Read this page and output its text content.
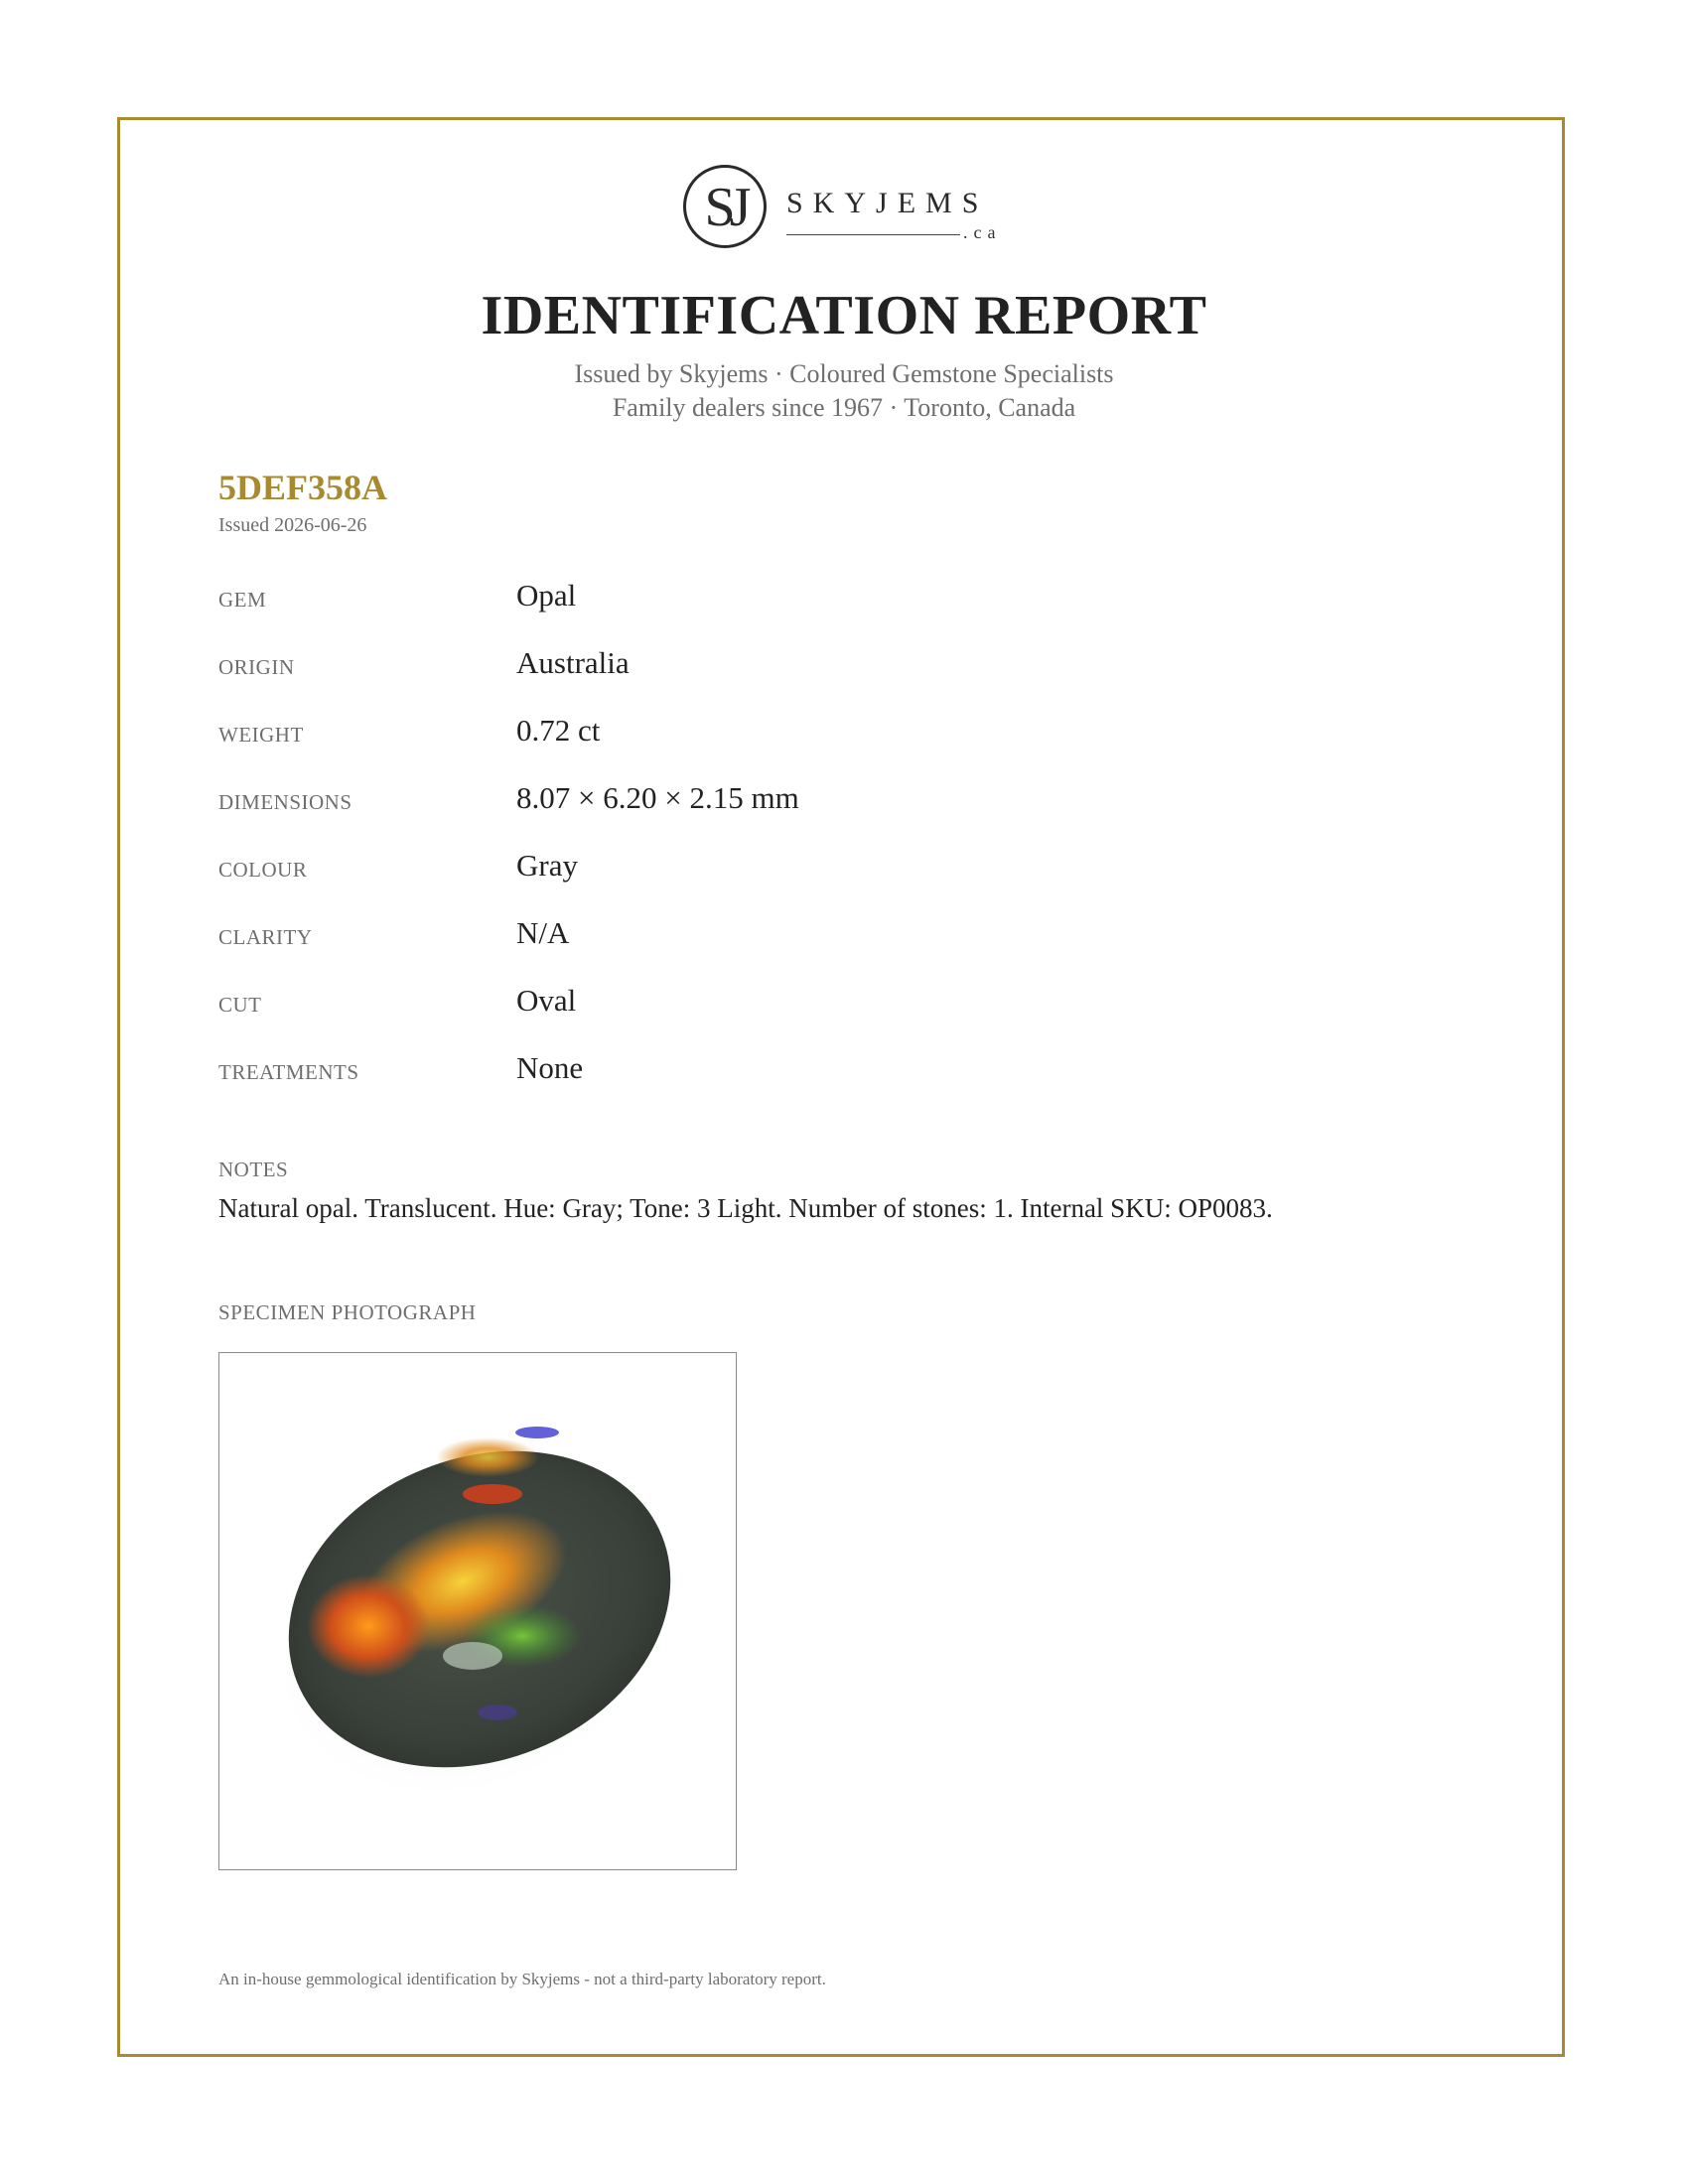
SJ	SKYJEMS
.ca
IDENTIFICATION REPORT
Issued by Skyjems · Coloured Gemstone Specialists
Family dealers since 1967 · Toronto, Canada
5DEF358A
Issued 2026-06-26
GEM	Opal
ORIGIN	Australia
WEIGHT	0.72 ct
DIMENSIONS	8.07 × 6.20 × 2.15 mm
COLOUR	Gray
CLARITY	N/A
CUT	Oval
TREATMENTS	None
NOTES
Natural opal. Translucent. Hue: Gray; Tone: 3 Light. Number of stones: 1. Internal SKU: OP0083.
SPECIMEN PHOTOGRAPH
An in-house gemmological identification by Skyjems - not a third-party laboratory report.
